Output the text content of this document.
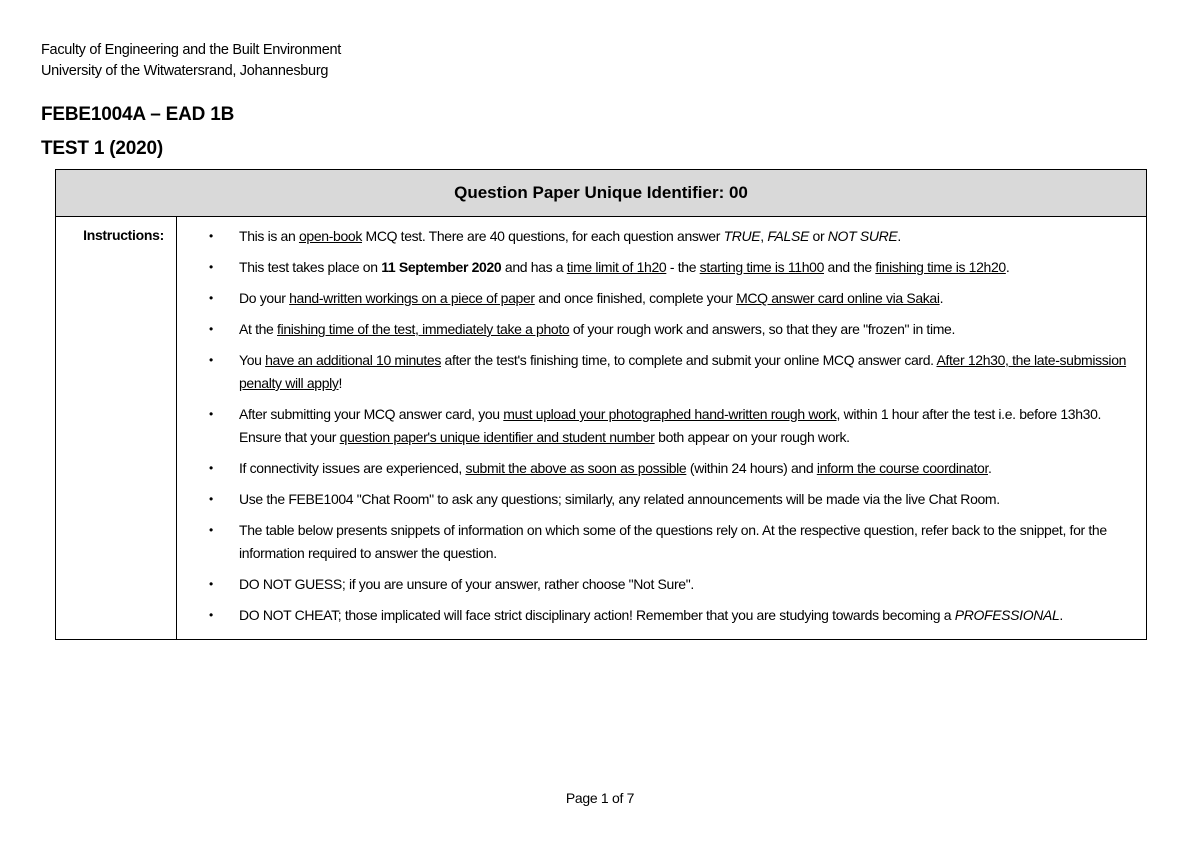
Faculty of Engineering and the Built Environment
University of the Witwatersrand, Johannesburg
FEBE1004A – EAD 1B
TEST 1 (2020)
Question Paper Unique Identifier: 00
Instructions:	• This is an open-book MCQ test. There are 40 questions, for each question answer TRUE, FALSE or NOT SURE.
• This test takes place on 11 September 2020 and has a time limit of 1h20 - the starting time is 11h00 and the finishing time is 12h20.
• Do your hand-written workings on a piece of paper and once finished, complete your MCQ answer card online via Sakai.
• At the finishing time of the test, immediately take a photo of your rough work and answers, so that they are "frozen" in time.
• You have an additional 10 minutes after the test's finishing time, to complete and submit your online MCQ answer card. After 12h30, the late-submission penalty will apply!
• After submitting your MCQ answer card, you must upload your photographed hand-written rough work, within 1 hour after the test i.e. before 13h30. Ensure that your question paper's unique identifier and student number both appear on your rough work.
• If connectivity issues are experienced, submit the above as soon as possible (within 24 hours) and inform the course coordinator.
• Use the FEBE1004 "Chat Room" to ask any questions; similarly, any related announcements will be made via the live Chat Room.
• The table below presents snippets of information on which some of the questions rely on. At the respective question, refer back to the snippet, for the information required to answer the question.
• DO NOT GUESS; if you are unsure of your answer, rather choose "Not Sure".
• DO NOT CHEAT; those implicated will face strict disciplinary action! Remember that you are studying towards becoming a PROFESSIONAL.
Page 1 of 7
